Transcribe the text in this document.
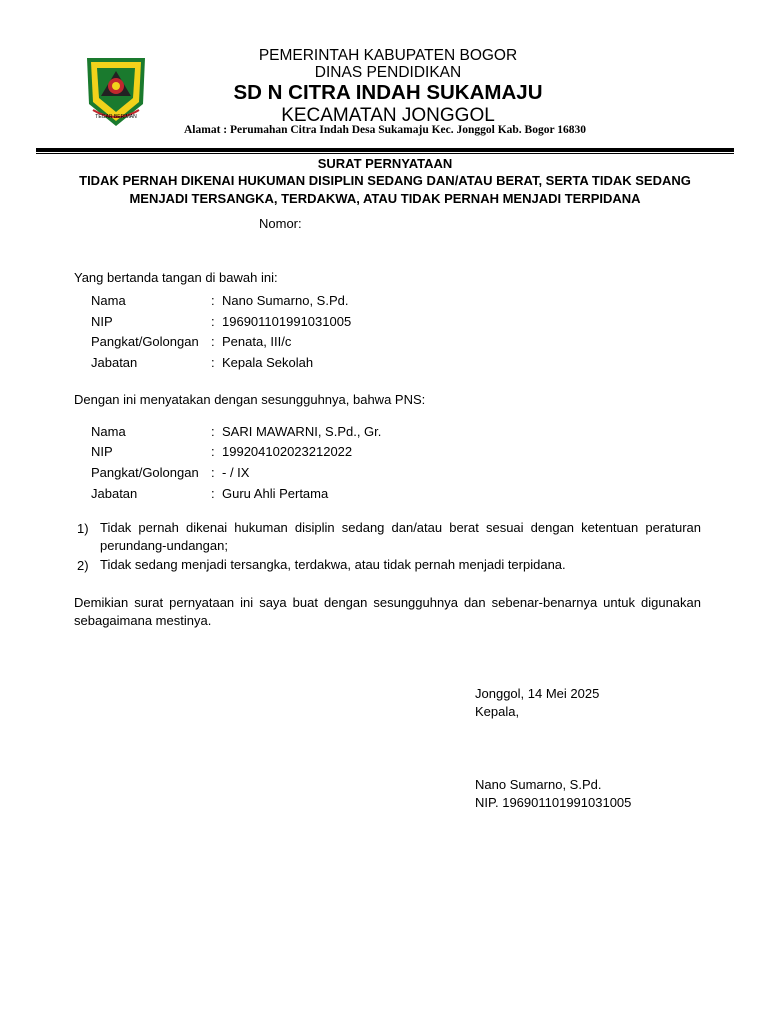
TEGAR BERIMAN
PEMERINTAH KABUPATEN BOGOR
DINAS PENDIDIKAN
SD N CITRA INDAH SUKAMAJU
KECAMATAN JONGGOL
Alamat : Perumahan Citra Indah Desa Sukamaju Kec. Jonggol Kab. Bogor 16830
SURAT PERNYATAAN
TIDAK PERNAH DIKENAI HUKUMAN DISIPLIN SEDANG DAN/ATAU BERAT, SERTA TIDAK SEDANG
MENJADI TERSANGKA, TERDAKWA, ATAU TIDAK PERNAH MENJADI TERPIDANA
Nomor:
Yang bertanda tangan di bawah ini:
Nama	: Nano Sumarno, S.Pd.
NIP	: 196901101991031005
Pangkat/Golongan : Penata, III/c
Jabatan	: Kepala Sekolah
Dengan ini menyatakan dengan sesungguhnya, bahwa PNS:
Nama	: SARI MAWARNI, S.Pd., Gr.
NIP	: 199204102023212022
Pangkat/Golongan : - / IX
Jabatan	: Guru Ahli Pertama
1) Tidak pernah dikenai hukuman disiplin sedang dan/atau berat sesuai dengan ketentuan peraturan perundang-undangan;
2) Tidak sedang menjadi tersangka, terdakwa, atau tidak pernah menjadi terpidana.
Demikian surat pernyataan ini saya buat dengan sesungguhnya dan sebenar-benarnya untuk digunakan sebagaimana mestinya.
Jonggol, 14 Mei 2025
Kepala,
Nano Sumarno, S.Pd.
NIP. 196901101991031005
